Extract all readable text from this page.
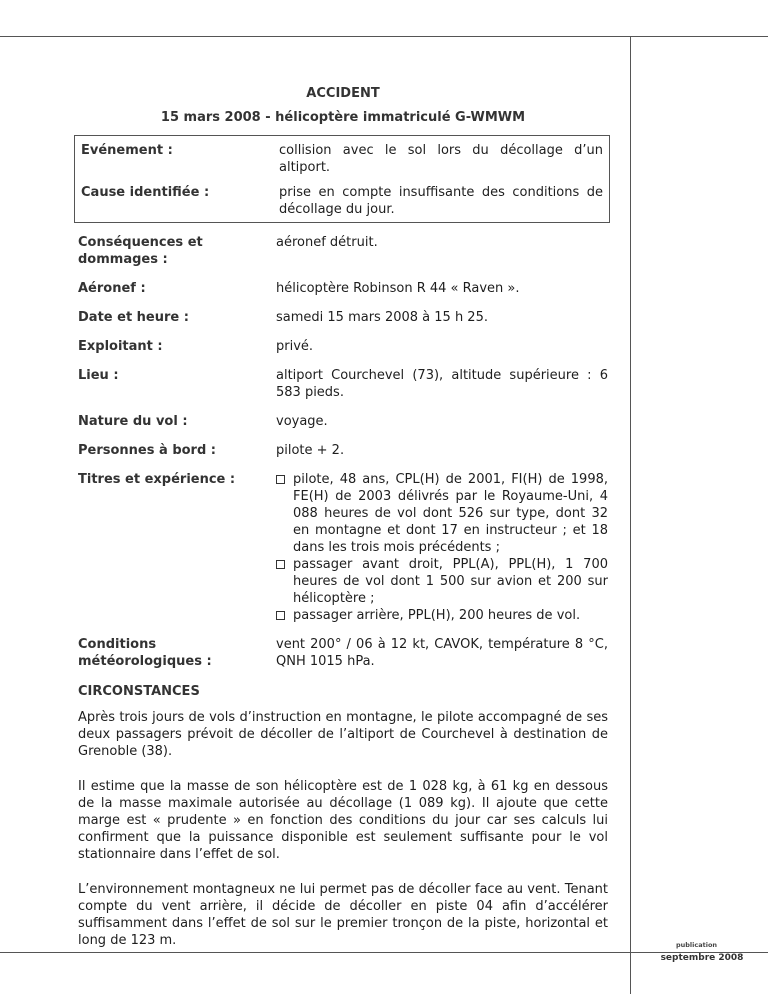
ACCIDENT
15 mars 2008 - hélicoptère immatriculé G-WMWM
Evénement :	collision avec le sol lors du décollage d’un altiport.
Cause identifiée :	prise en compte insuffisante des conditions de décollage du jour.
Conséquences et dommages :
aéronef détruit.
Aéronef :	hélicoptère Robinson R 44 « Raven ».
Date et heure :	samedi 15 mars 2008 à 15 h 25.
Exploitant :	privé.
Lieu :	altiport Courchevel (73), altitude supérieure : 6 583 pieds.
Nature du vol :	voyage.
Personnes à bord :	pilote + 2.
Titres et expérience :	pilote, 48 ans, CPL(H) de 2001, FI(H) de 1998, FE(H) de 2003 délivrés par le Royaume-Uni, 4 088 heures de vol dont 526 sur type, dont 32 en montagne et dont 17 en instructeur ; et 18 dans les trois mois précédents ;
passager avant droit, PPL(A), PPL(H), 1 700 heures de vol dont 1 500 sur avion et 200 sur hélicoptère ;
passager arrière, PPL(H), 200 heures de vol.
Conditions météorologiques :
vent 200° / 06 à 12 kt, CAVOK, température 8 °C, QNH 1015 hPa.
CIRCONSTANCES
Après trois jours de vols d’instruction en montagne, le pilote accompagné de ses deux passagers prévoit de décoller de l’altiport de Courchevel à destination de Grenoble (38).
Il estime que la masse de son hélicoptère est de 1 028 kg, à 61 kg en dessous de la masse maximale autorisée au décollage (1 089 kg). Il ajoute que cette marge est « prudente » en fonction des conditions du jour car ses calculs lui confirment que la puissance disponible est seulement suffisante pour le vol stationnaire dans l’effet de sol.
L’environnement montagneux ne lui permet pas de décoller face au vent. Tenant compte du vent arrière, il décide de décoller en piste 04 afin d’accélérer suffisamment dans l’effet de sol sur le premier tronçon de la piste, horizontal et long de 123 m.	publication
septembre 2008
